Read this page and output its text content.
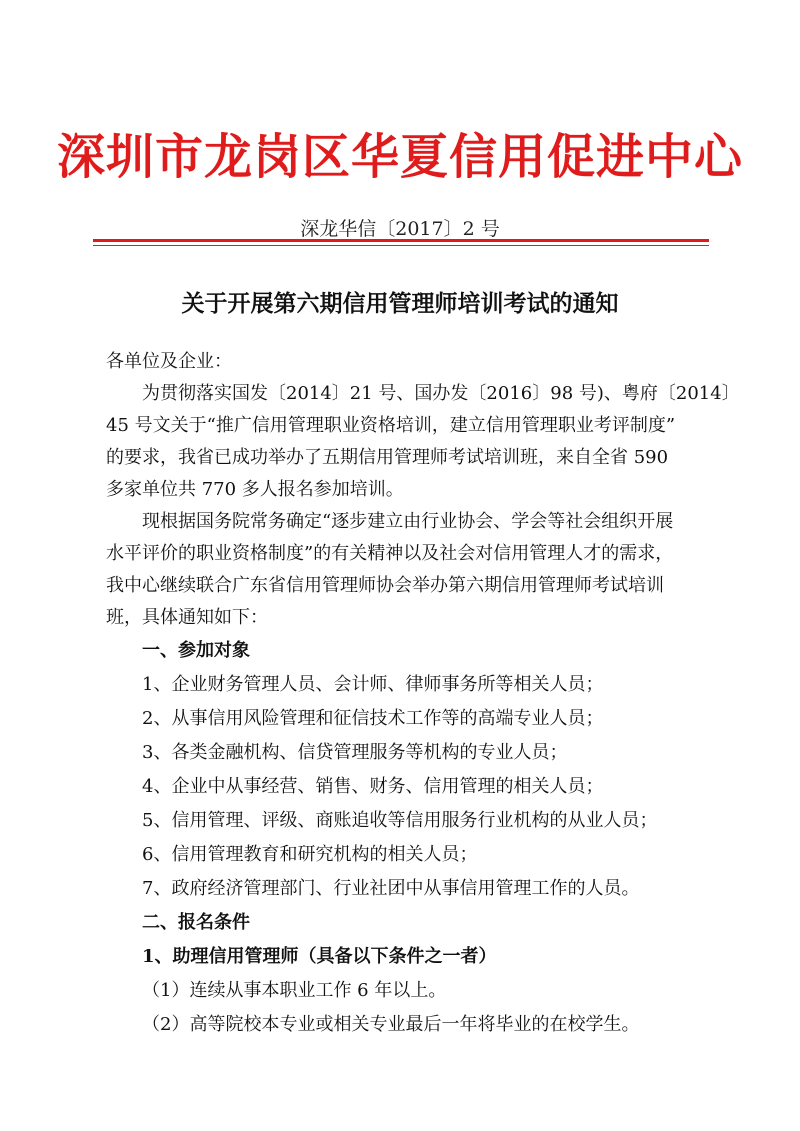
深圳市龙岗区华夏信用促进中心
深龙华信〔2017〕2 号
关于开展第六期信用管理师培训考试的通知
各单位及企业：
为贯彻落实国发〔2014〕21 号、国办发〔2016〕98 号)、粤府〔2014〕
45 号文关于“推广信用管理职业资格培训，建立信用管理职业考评制度”
的要求，我省已成功举办了五期信用管理师考试培训班，来自全省 590
多家单位共 770 多人报名参加培训。
现根据国务院常务确定“逐步建立由行业协会、学会等社会组织开展
水平评价的职业资格制度”的有关精神以及社会对信用管理人才的需求，
我中心继续联合广东省信用管理师协会举办第六期信用管理师考试培训
班，具体通知如下：
一、参加对象
1、企业财务管理人员、会计师、律师事务所等相关人员；
2、从事信用风险管理和征信技术工作等的高端专业人员；
3、各类金融机构、信贷管理服务等机构的专业人员；
4、企业中从事经营、销售、财务、信用管理的相关人员；
5、信用管理、评级、商账追收等信用服务行业机构的从业人员；
6、信用管理教育和研究机构的相关人员；
7、政府经济管理部门、行业社团中从事信用管理工作的人员。
二、报名条件
1、助理信用管理师（具备以下条件之一者）
（1）连续从事本职业工作 6 年以上。
（2）高等院校本专业或相关专业最后一年将毕业的在校学生。
